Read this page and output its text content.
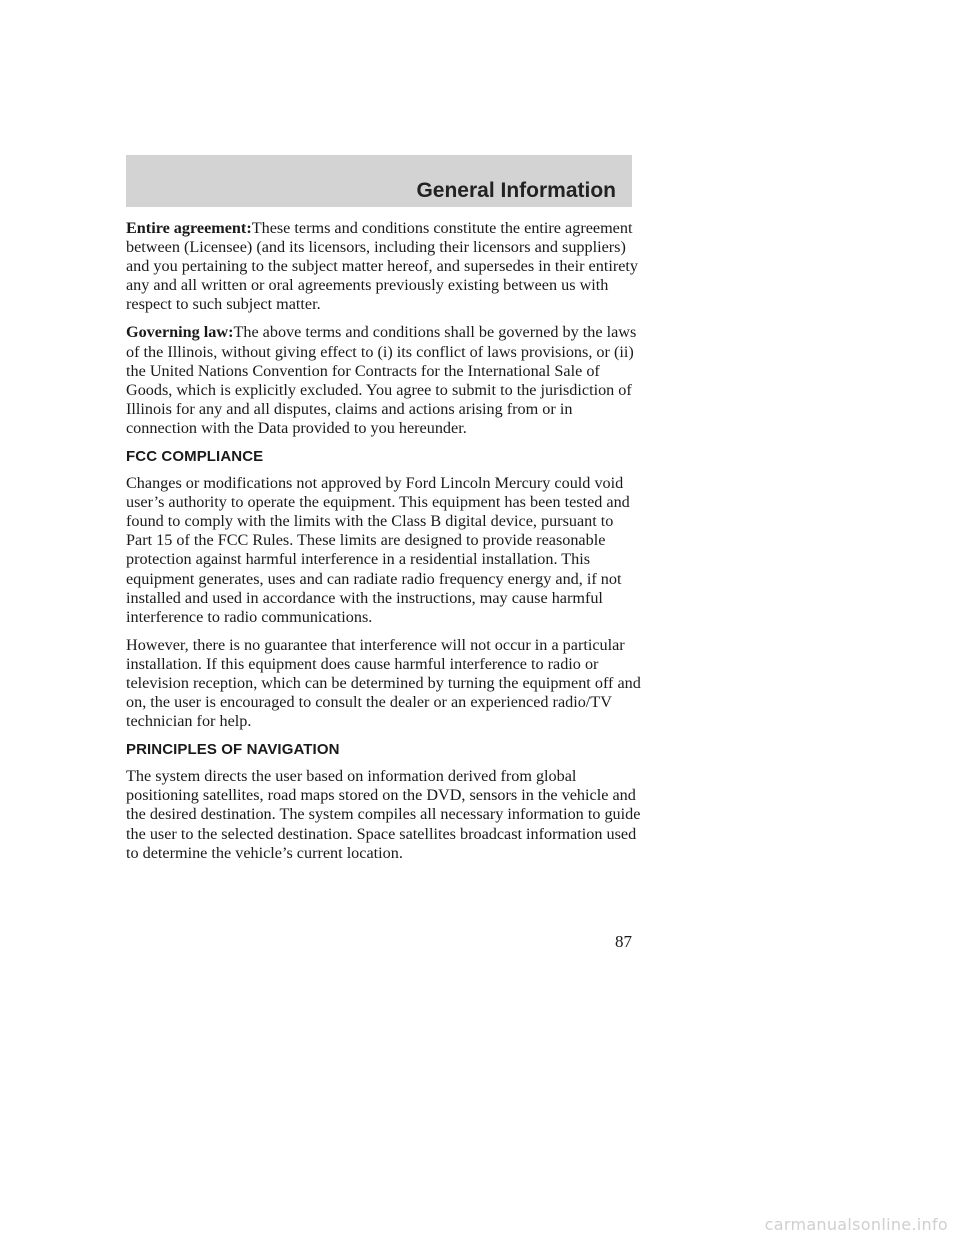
General Information

Entire agreement:These terms and conditions constitute the entire agreement between (Licensee) (and its licensors, including their licensors and suppliers) and you pertaining to the subject matter hereof, and supersedes in their entirety any and all written or oral agreements previously existing between us with respect to such subject matter.

Governing law:The above terms and conditions shall be governed by the laws of the Illinois, without giving effect to (i) its conflict of laws provisions, or (ii) the United Nations Convention for Contracts for the International Sale of Goods, which is explicitly excluded. You agree to submit to the jurisdiction of Illinois for any and all disputes, claims and actions arising from or in connection with the Data provided to you hereunder.

FCC COMPLIANCE

Changes or modifications not approved by Ford Lincoln Mercury could void user’s authority to operate the equipment. This equipment has been tested and found to comply with the limits with the Class B digital device, pursuant to Part 15 of the FCC Rules. These limits are designed to provide reasonable protection against harmful interference in a residential installation. This equipment generates, uses and can radiate radio frequency energy and, if not installed and used in accordance with the instructions, may cause harmful interference to radio communications.

However, there is no guarantee that interference will not occur in a particular installation. If this equipment does cause harmful interference to radio or television reception, which can be determined by turning the equipment off and on, the user is encouraged to consult the dealer or an experienced radio/TV technician for help.

PRINCIPLES OF NAVIGATION

The system directs the user based on information derived from global positioning satellites, road maps stored on the DVD, sensors in the vehicle and the desired destination. The system compiles all necessary information to guide the user to the selected destination. Space satellites broadcast information used to determine the vehicle’s current location.

87
carmanualsonline.info
